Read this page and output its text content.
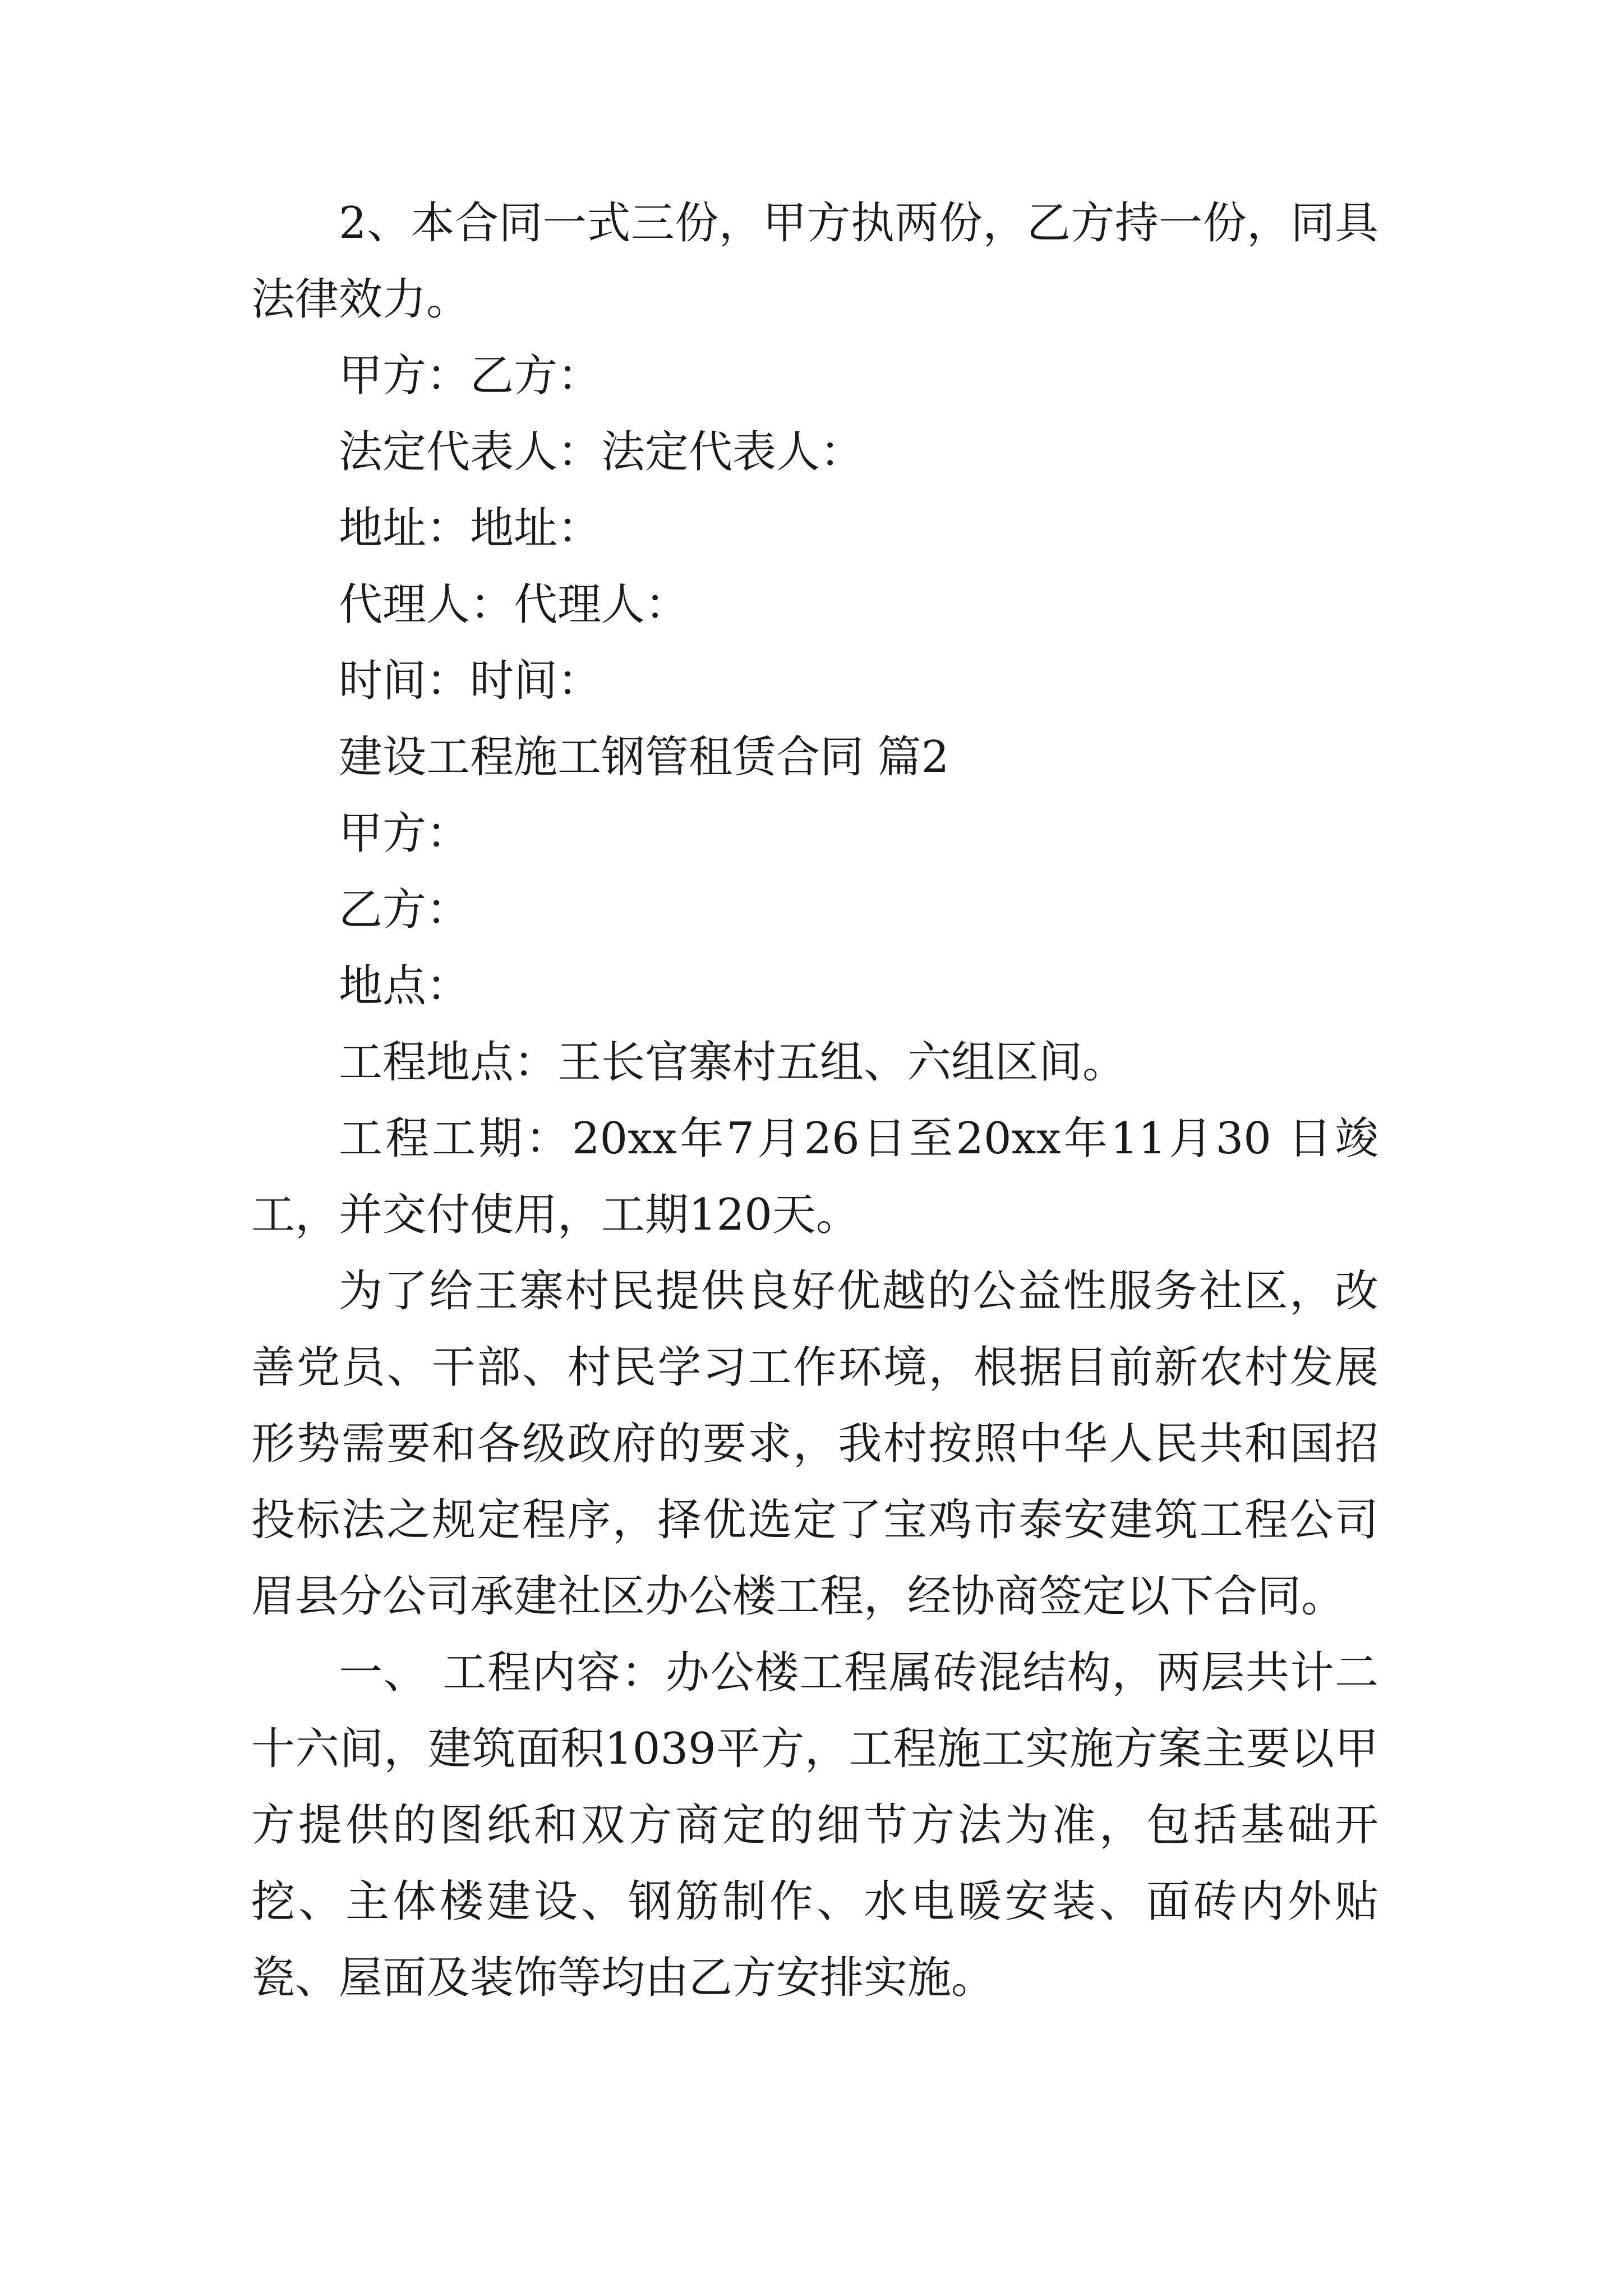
2、本合同一式三份，甲方执两份，乙方持一份，同具法律效力。

甲方：乙方：

法定代表人：法定代表人：

地址：地址：

代理人：代理人：

时间：时间：

建设工程施工钢管租赁合同 篇2

甲方：

乙方：

地点：

工程地点：王长官寨村五组、六组区间。

工程工期：20xx年7月26日至20xx年11月30 日竣工，并交付使用，工期120天。

为了给王寨村民提供良好优越的公益性服务社区，改善党员、干部、村民学习工作环境，根据目前新农村发展形势需要和各级政府的要求，我村按照中华人民共和国招投标法之规定程序，择优选定了宝鸡市泰安建筑工程公司眉县分公司承建社区办公楼工程，经协商签定以下合同。

一、 工程内容：办公楼工程属砖混结构，两层共计二十六间，建筑面积1039平方，工程施工实施方案主要以甲方提供的图纸和双方商定的细节方法为准，包括基础开挖、主体楼建设、钢筋制作、水电暖安装、面砖内外贴瓷、屋面及装饰等均由乙方安排实施。
